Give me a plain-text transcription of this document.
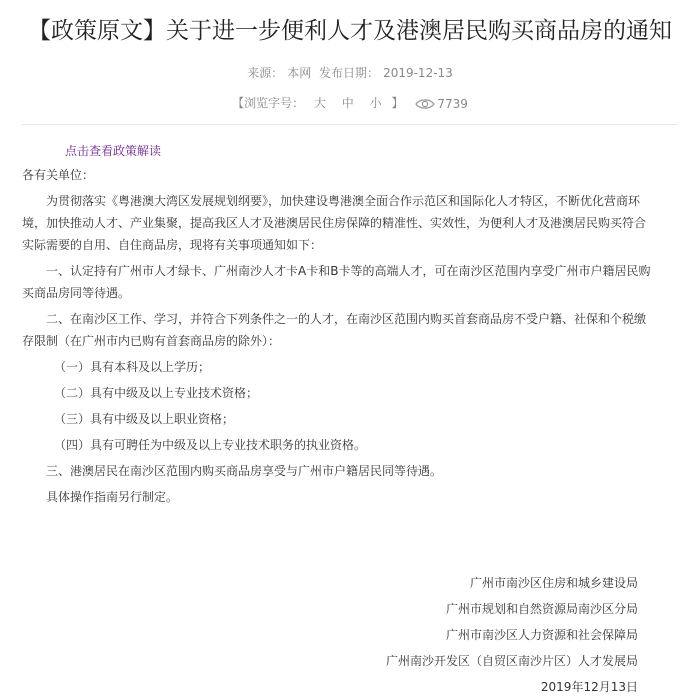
【政策原文】关于进一步便利人才及港澳居民购买商品房的通知
来源： 本网 发布日期： 2019-12-13
【浏览字号： 大 中 小 】	7739
点击查看政策解读

各有关单位：

为贯彻落实《粤港澳大湾区发展规划纲要》，加快建设粤港澳全面合作示范区和国际化人才特区，不断优化营商环境，加快推动人才、产业集聚，提高我区人才及港澳居民住房保障的精准性、实效性，为便利人才及港澳居民购买符合实际需要的自用、自住商品房，现将有关事项通知如下：

一、认定持有广州市人才绿卡、广州南沙人才卡A卡和B卡等的高端人才，可在南沙区范围内享受广州市户籍居民购买商品房同等待遇。

二、在南沙区工作、学习，并符合下列条件之一的人才，在南沙区范围内购买首套商品房不受户籍、社保和个税缴存限制（在广州市内已购有首套商品房的除外）：

（一）具有本科及以上学历；

（二）具有中级及以上专业技术资格；

（三）具有中级及以上职业资格；

（四）具有可聘任为中级及以上专业技术职务的执业资格。

三、港澳居民在南沙区范围内购买商品房享受与广州市户籍居民同等待遇。

具体操作指南另行制定。

广州市南沙区住房和城乡建设局
广州市规划和自然资源局南沙区分局
广州市南沙区人力资源和社会保障局
广州南沙开发区（自贸区南沙片区）人才发展局
2019年12月13日
